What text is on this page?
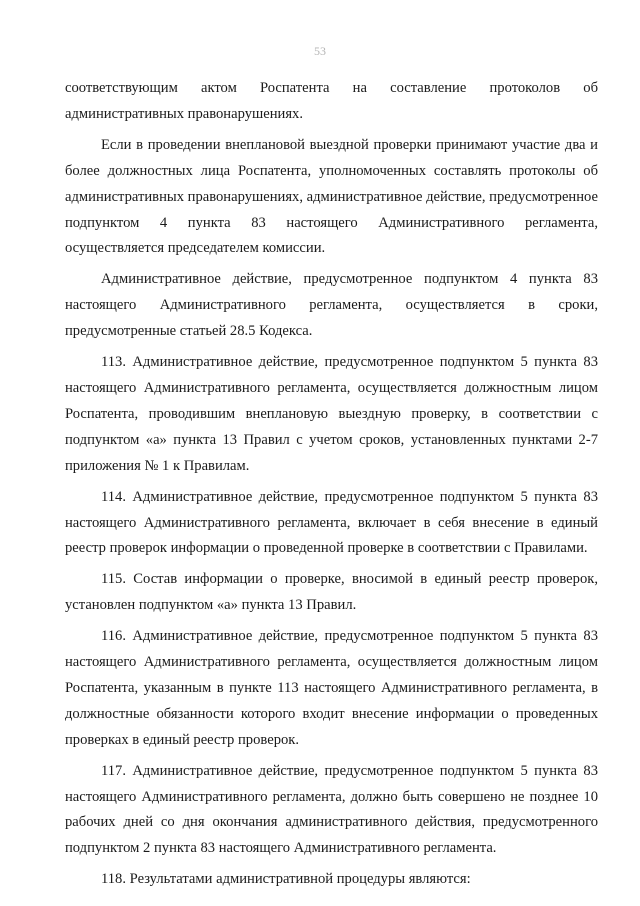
53

соответствующим актом Роспатента на составление протоколов об административных правонарушениях.

Если в проведении внеплановой выездной проверки принимают участие два и более должностных лица Роспатента, уполномоченных составлять протоколы об административных правонарушениях, административное действие, предусмотренное подпунктом 4 пункта 83 настоящего Административного регламента, осуществляется председателем комиссии.

Административное действие, предусмотренное подпунктом 4 пункта 83 настоящего Административного регламента, осуществляется в сроки, предусмотренные статьей 28.5 Кодекса.

113. Административное действие, предусмотренное подпунктом 5 пункта 83 настоящего Административного регламента, осуществляется должностным лицом Роспатента, проводившим внеплановую выездную проверку, в соответствии с подпунктом «а» пункта 13 Правил с учетом сроков, установленных пунктами 2-7 приложения № 1 к Правилам.

114. Административное действие, предусмотренное подпунктом 5 пункта 83 настоящего Административного регламента, включает в себя внесение в единый реестр проверок информации о проведенной проверке в соответствии с Правилами.

115. Состав информации о проверке, вносимой в единый реестр проверок, установлен подпунктом «а» пункта 13 Правил.

116. Административное действие, предусмотренное подпунктом 5 пункта 83 настоящего Административного регламента, осуществляется должностным лицом Роспатента, указанным в пункте 113 настоящего Административного регламента, в должностные обязанности которого входит внесение информации о проведенных проверках в единый реестр проверок.

117. Административное действие, предусмотренное подпунктом 5 пункта 83 настоящего Административного регламента, должно быть совершено не позднее 10 рабочих дней со дня окончания административного действия, предусмотренного подпунктом 2 пункта 83 настоящего Административного регламента.

118. Результатами административной процедуры являются:
